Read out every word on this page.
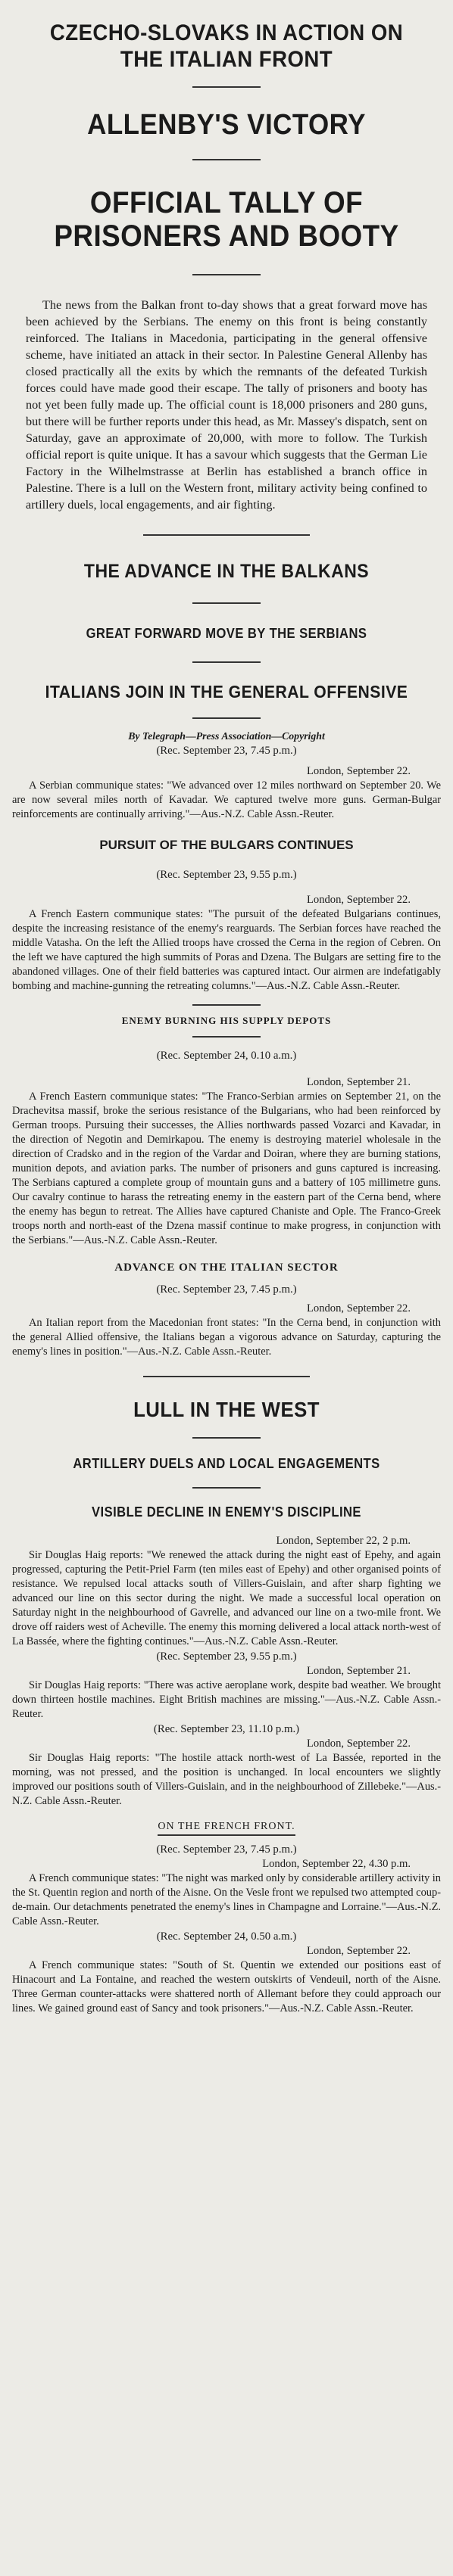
CZECHO-SLOVAKS IN ACTION ON THE ITALIAN FRONT
ALLENBY'S VICTORY
OFFICIAL TALLY OF PRISONERS AND BOOTY

The news from the Balkan front to-day shows that a great forward move has been achieved by the Serbians. The enemy on this front is being constantly reinforced. The Italians in Macedonia, participating in the general offensive scheme, have initiated an attack in their sector. In Palestine General Allenby has closed practically all the exits by which the remnants of the defeated Turkish forces could have made good their escape. The tally of prisoners and booty has not yet been fully made up. The official count is 18,000 prisoners and 280 guns, but there will be further reports under this head, as Mr. Massey's dispatch, sent on Saturday, gave an approximate of 20,000, with more to follow. The Turkish official report is quite unique. It has a savour which suggests that the German Lie Factory in the Wilhelmstrasse at Berlin has established a branch office in Palestine. There is a lull on the Western front, military activity being confined to artillery duels, local engagements, and air fighting.

THE ADVANCE IN THE BALKANS
GREAT FORWARD MOVE BY THE SERBIANS
ITALIANS JOIN IN THE GENERAL OFFENSIVE
By Telegraph—Press Association—Copyright
(Rec. September 23, 7.45 p.m.)
London, September 22.

A Serbian communique states: "We advanced over 12 miles northward on September 20. We are now several miles north of Kavadar. We captured twelve more guns. German-Bulgar reinforcements are continually arriving."—Aus.-N.Z. Cable Assn.-Reuter.

PURSUIT OF THE BULGARS CONTINUES
(Rec. September 23, 9.55 p.m.)
London, September 22.

A French Eastern communique states: "The pursuit of the defeated Bulgarians continues, despite the increasing resistance of the enemy's rearguards. The Serbian forces have reached the middle Vatasha. On the left the Allied troops have crossed the Cerna in the region of Cebren. On the left we have captured the high summits of Poras and Dzena. The Bulgars are setting fire to the abandoned villages. One of their field batteries was captured intact. Our airmen are indefatigably bombing and machine-gunning the retreating columns."—Aus.-N.Z. Cable Assn.-Reuter.

ENEMY BURNING HIS SUPPLY DEPOTS
(Rec. September 24, 0.10 a.m.)
London, September 21.

A French Eastern communique states: "The Franco-Serbian armies on September 21, on the Drachevitsa massif, broke the serious resistance of the Bulgarians, who had been reinforced by German troops. Pursuing their successes, the Allies northwards passed Vozarci and Kavadar, in the direction of Negotin and Demirkapou. The enemy is destroying materiel wholesale in the direction of Cradsko and in the region of the Vardar and Doiran, where they are burning stations, munition depots, and aviation parks. The number of prisoners and guns captured is increasing. The Serbians captured a complete group of mountain guns and a battery of 105 millimetre guns. Our cavalry continue to harass the retreating enemy in the eastern part of the Cerna bend, where the enemy has begun to retreat. The Allies have captured Chaniste and Ople. The Franco-Greek troops north and north-east of the Dzena massif continue to make progress, in conjunction with the Serbians."—Aus.-N.Z. Cable Assn.-Reuter.

ADVANCE ON THE ITALIAN SECTOR
(Rec. September 23, 7.45 p.m.)
London, September 22.

An Italian report from the Macedonian front states: "In the Cerna bend, in conjunction with the general Allied offensive, the Italians began a vigorous advance on Saturday, capturing the enemy's lines in position."—Aus.-N.Z. Cable Assn.-Reuter.

LULL IN THE WEST
ARTILLERY DUELS AND LOCAL ENGAGEMENTS
VISIBLE DECLINE IN ENEMY'S DISCIPLINE
London, September 22, 2 p.m.

Sir Douglas Haig reports: "We renewed the attack during the night east of Epehy, and again progressed, capturing the Petit-Priel Farm (ten miles east of Epehy) and other organised points of resistance. We repulsed local attacks south of Villers-Guislain, and after sharp fighting we advanced our line on this sector during the night. We made a successful local operation on Saturday night in the neighbourhood of Gavrelle, and advanced our line on a two-mile front. We drove off raiders west of Acheville. The enemy this morning delivered a local attack north-west of La Bassée, where the fighting continues."—Aus.-N.Z. Cable Assn.-Reuter.

(Rec. September 23, 9.55 p.m.)
London, September 21.

Sir Douglas Haig reports: "There was active aeroplane work, despite bad weather. We brought down thirteen hostile machines. Eight British machines are missing."—Aus.-N.Z. Cable Assn.-Reuter.

(Rec. September 23, 11.10 p.m.)
London, September 22.

Sir Douglas Haig reports: "The hostile attack north-west of La Bassée, reported in the morning, was not pressed, and the position is unchanged. In local encounters we slightly improved our positions south of Villers-Guislain, and in the neighbourhood of Zillebeke."—Aus.-N.Z. Cable Assn.-Reuter.

ON THE FRENCH FRONT.
(Rec. September 23, 7.45 p.m.)
London, September 22, 4.30 p.m.

A French communique states: "The night was marked only by considerable artillery activity in the St. Quentin region and north of the Aisne. On the Vesle front we repulsed two attempted coup-de-main. Our detachments penetrated the enemy's lines in Champagne and Lorraine."—Aus.-N.Z. Cable Assn.-Reuter.

(Rec. September 24, 0.50 a.m.)
London, September 22.

A French communique states: "South of St. Quentin we extended our positions east of Hinacourt and La Fontaine, and reached the western outskirts of Vendeuil, north of the Aisne. Three German counter-attacks were shattered north of Allemant before they could approach our lines. We gained ground east of Sancy and took prisoners."—Aus.-N.Z. Cable Assn.-Reuter.
